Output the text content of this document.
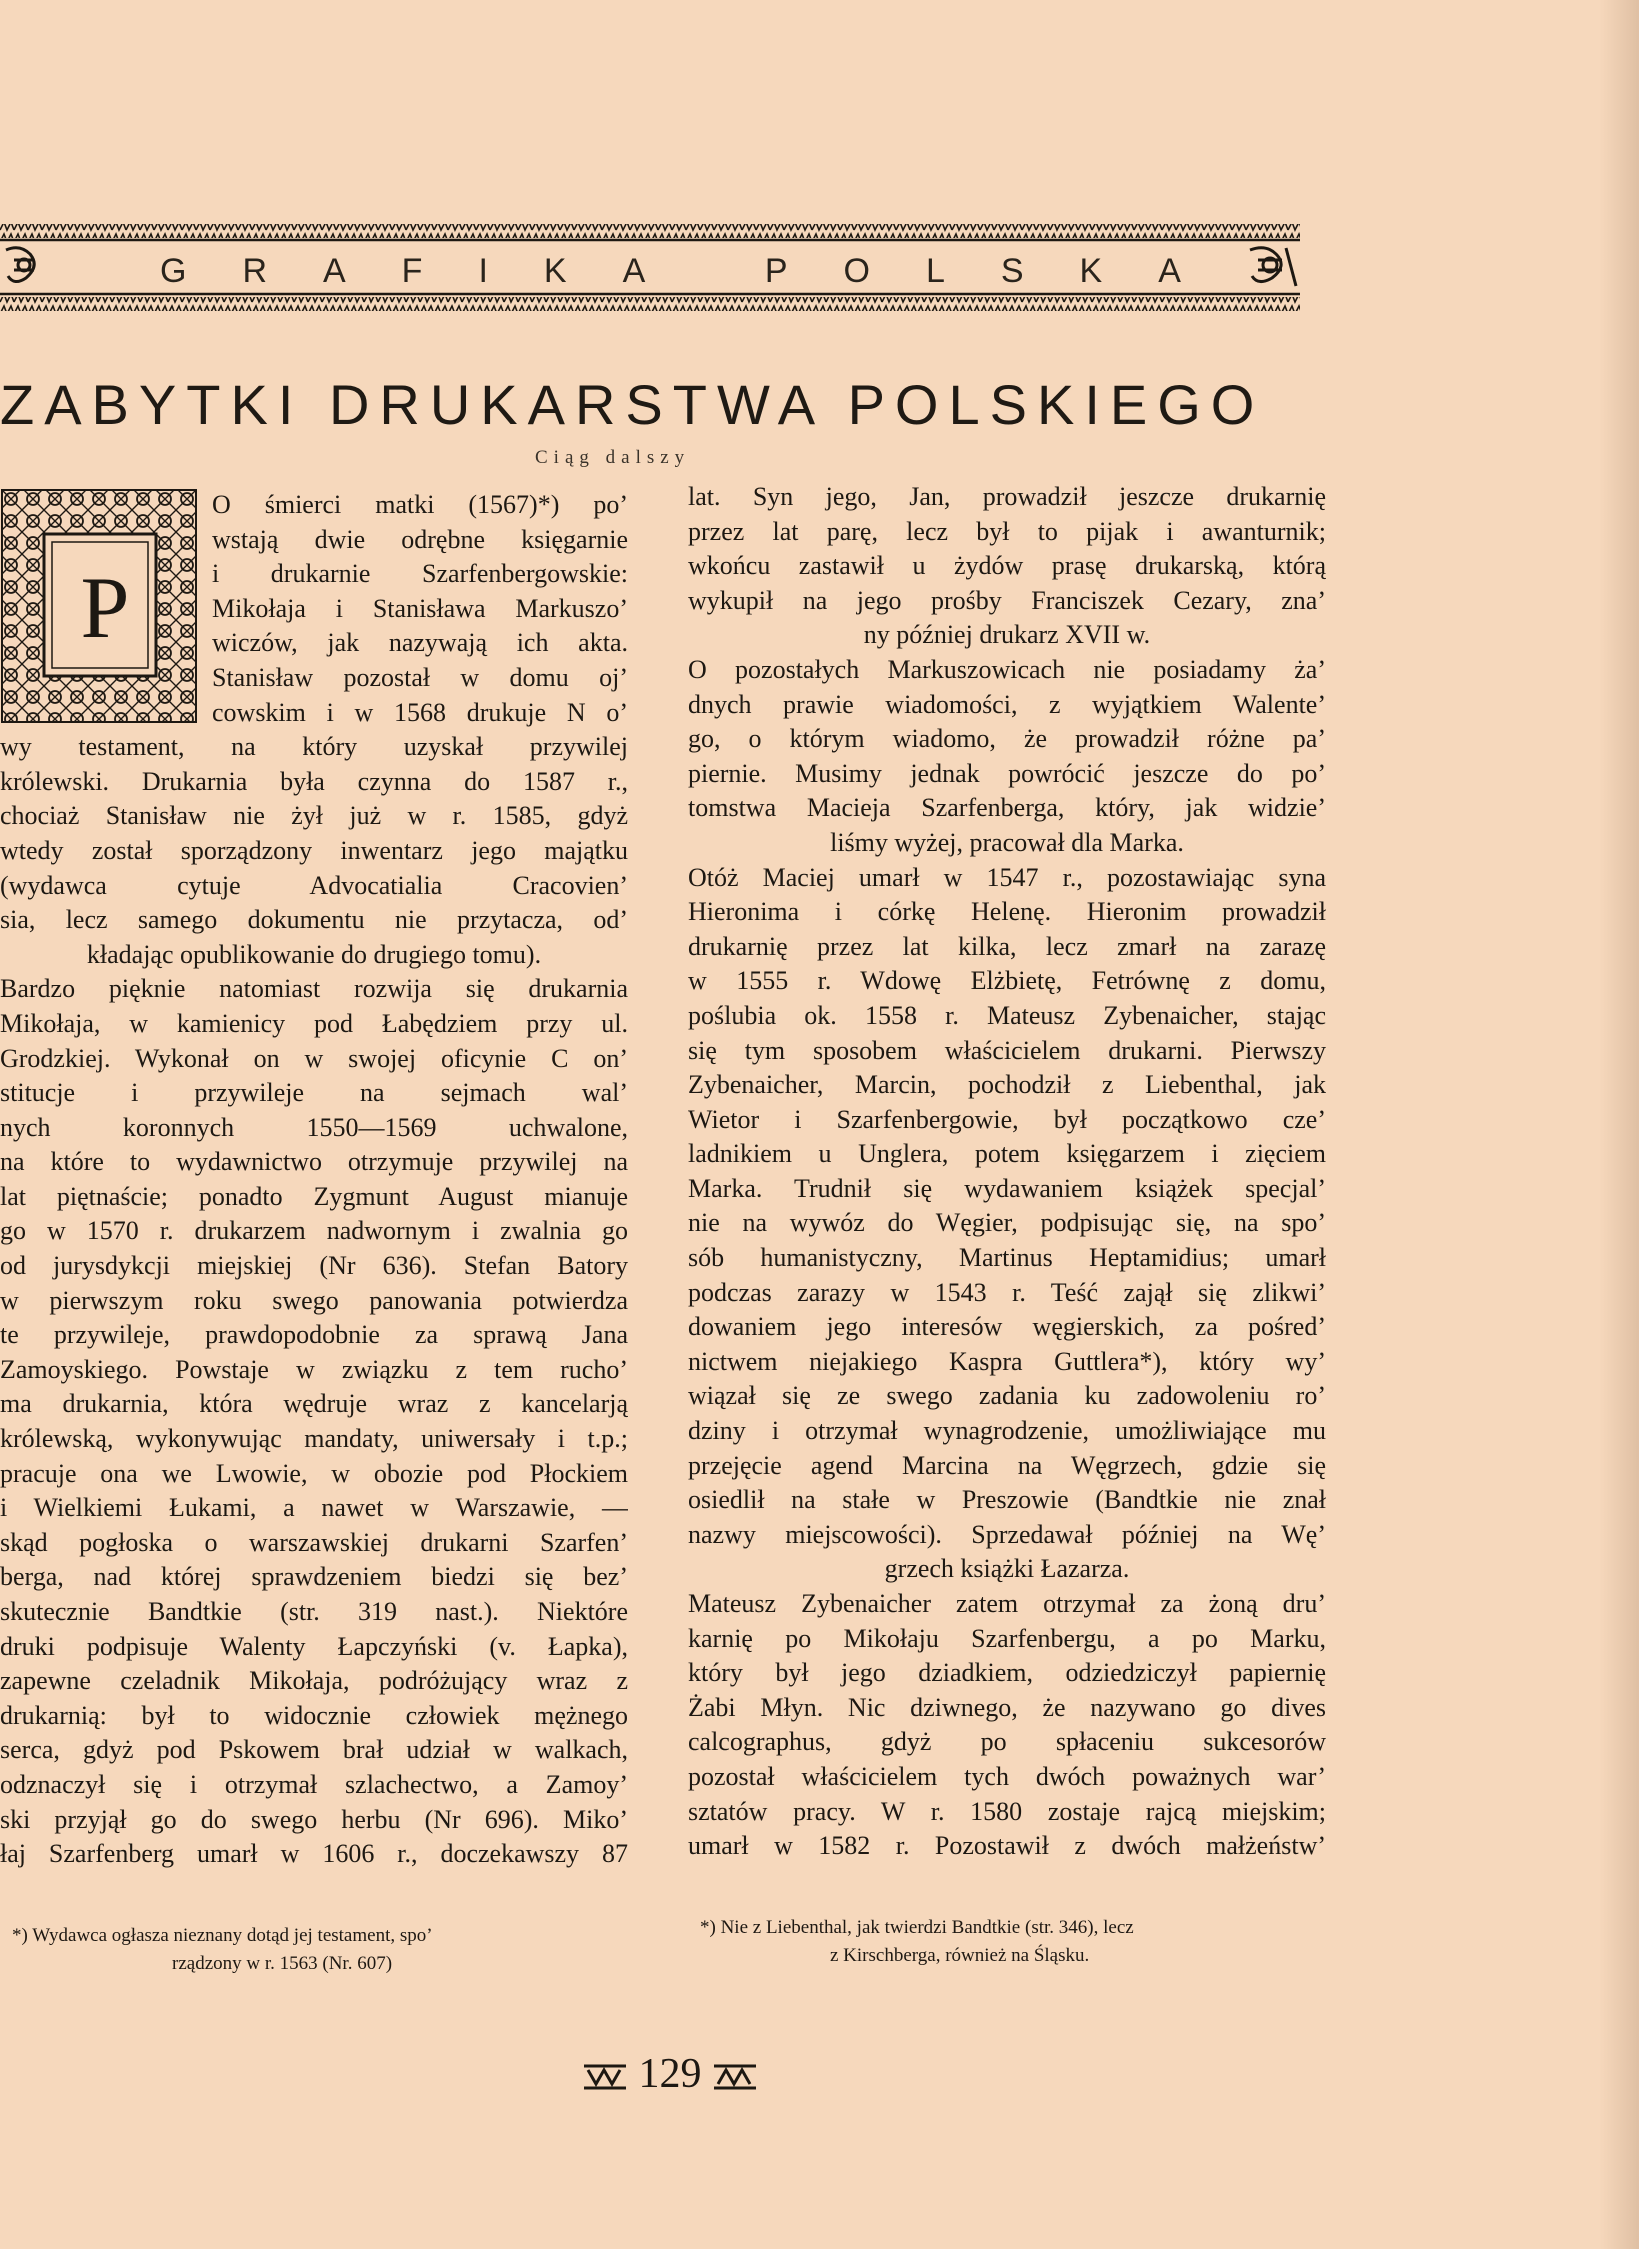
GRAFIKA POLSKA
ZABYTKI DRUKARSTWA POLSKIEGO
Ciąg dalszy
P
O śmierci matki (1567)*) po’
wstają dwie odrębne księgarnie
i drukarnie Szarfenbergowskie:
Mikołaja i Stanisława Markuszo’
wiczów, jak nazywają ich akta.
Stanisław pozostał w domu oj’
cowskim i w 1568 drukuje N o’
wy testament, na który uzyskał przywilej
królewski. Drukarnia była czynna do 1587 r.,
chociaż Stanisław nie żył już w r. 1585, gdyż
wtedy został sporządzony inwentarz jego majątku
(wydawca cytuje Advocatialia Cracovien’
sia, lecz samego dokumentu nie przytacza, od’
kładając opublikowanie do drugiego tomu).
Bardzo pięknie natomiast rozwija się drukarnia
Mikołaja, w kamienicy pod Łabędziem przy ul.
Grodzkiej. Wykonał on w swojej oficynie C on’
stitucje i przywileje na sejmach wal’
nych koronnych 1550—1569 uchwalone,
na które to wydawnictwo otrzymuje przywilej na
lat piętnaście; ponadto Zygmunt August mianuje
go w 1570 r. drukarzem nadwornym i zwalnia go
od jurysdykcji miejskiej (Nr 636). Stefan Batory
w pierwszym roku swego panowania potwierdza
te przywileje, prawdopodobnie za sprawą Jana
Zamoyskiego. Powstaje w związku z tem rucho’
ma drukarnia, która wędruje wraz z kancelarją
królewską, wykonywując mandaty, uniwersały i t.p.;
pracuje ona we Lwowie, w obozie pod Płockiem
i Wielkiemi Łukami, a nawet w Warszawie, —
skąd pogłoska o warszawskiej drukarni Szarfen’
berga, nad której sprawdzeniem biedzi się bez’
skutecznie Bandtkie (str. 319 nast.). Niektóre
druki podpisuje Walenty Łapczyński (v. Łapka),
zapewne czeladnik Mikołaja, podróżujący wraz z
drukarnią: był to widocznie człowiek mężnego
serca, gdyż pod Pskowem brał udział w walkach,
odznaczył się i otrzymał szlachectwo, a Zamoy’
ski przyjął go do swego herbu (Nr 696). Miko’
łaj Szarfenberg umarł w 1606 r., doczekawszy 87
lat. Syn jego, Jan, prowadził jeszcze drukarnię
przez lat parę, lecz był to pijak i awanturnik;
wkońcu zastawił u żydów prasę drukarską, którą
wykupił na jego prośby Franciszek Cezary, zna’
ny później drukarz XVII w.
O pozostałych Markuszowicach nie posiadamy ża’
dnych prawie wiadomości, z wyjątkiem Walente’
go, o którym wiadomo, że prowadził różne pa’
piernie. Musimy jednak powrócić jeszcze do po’
tomstwa Macieja Szarfenberga, który, jak widzie’
liśmy wyżej, pracował dla Marka.
Otóż Maciej umarł w 1547 r., pozostawiając syna
Hieronima i córkę Helenę. Hieronim prowadził
drukarnię przez lat kilka, lecz zmarł na zarazę
w 1555 r. Wdowę Elżbietę, Fetrównę z domu,
poślubia ok. 1558 r. Mateusz Zybenaicher, stając
się tym sposobem właścicielem drukarni. Pierwszy
Zybenaicher, Marcin, pochodził z Liebenthal, jak
Wietor i Szarfenbergowie, był początkowo cze’
ladnikiem u Unglera, potem księgarzem i zięciem
Marka. Trudnił się wydawaniem książek specjal’
nie na wywóz do Węgier, podpisując się, na spo’
sób humanistyczny, Martinus Heptamidius; umarł
podczas zarazy w 1543 r. Teść zajął się zlikwi’
dowaniem jego interesów węgierskich, za pośred’
nictwem niejakiego Kaspra Guttlera*), który wy’
wiązał się ze swego zadania ku zadowoleniu ro’
dziny i otrzymał wynagrodzenie, umożliwiające mu
przejęcie agend Marcina na Węgrzech, gdzie się
osiedlił na stałe w Preszowie (Bandtkie nie znał
nazwy miejscowości). Sprzedawał później na Wę’
grzech książki Łazarza.
Mateusz Zybenaicher zatem otrzymał za żoną dru’
karnię po Mikołaju Szarfenbergu, a po Marku,
który był jego dziadkiem, odziedziczył papiernię
Żabi Młyn. Nic dziwnego, że nazywano go dives
calcographus, gdyż po spłaceniu sukcesorów
pozostał właścicielem tych dwóch poważnych war’
sztatów pracy. W r. 1580 zostaje rajcą miejskim;
umarł w 1582 r. Pozostawił z dwóch małżeństw’
*) Wydawca ogłasza nieznany dotąd jej testament, spo’
rządzony w r. 1563 (Nr. 607)
*) Nie z Liebenthal, jak twierdzi Bandtkie (str. 346), lecz
z Kirschberga, również na Śląsku.
129
